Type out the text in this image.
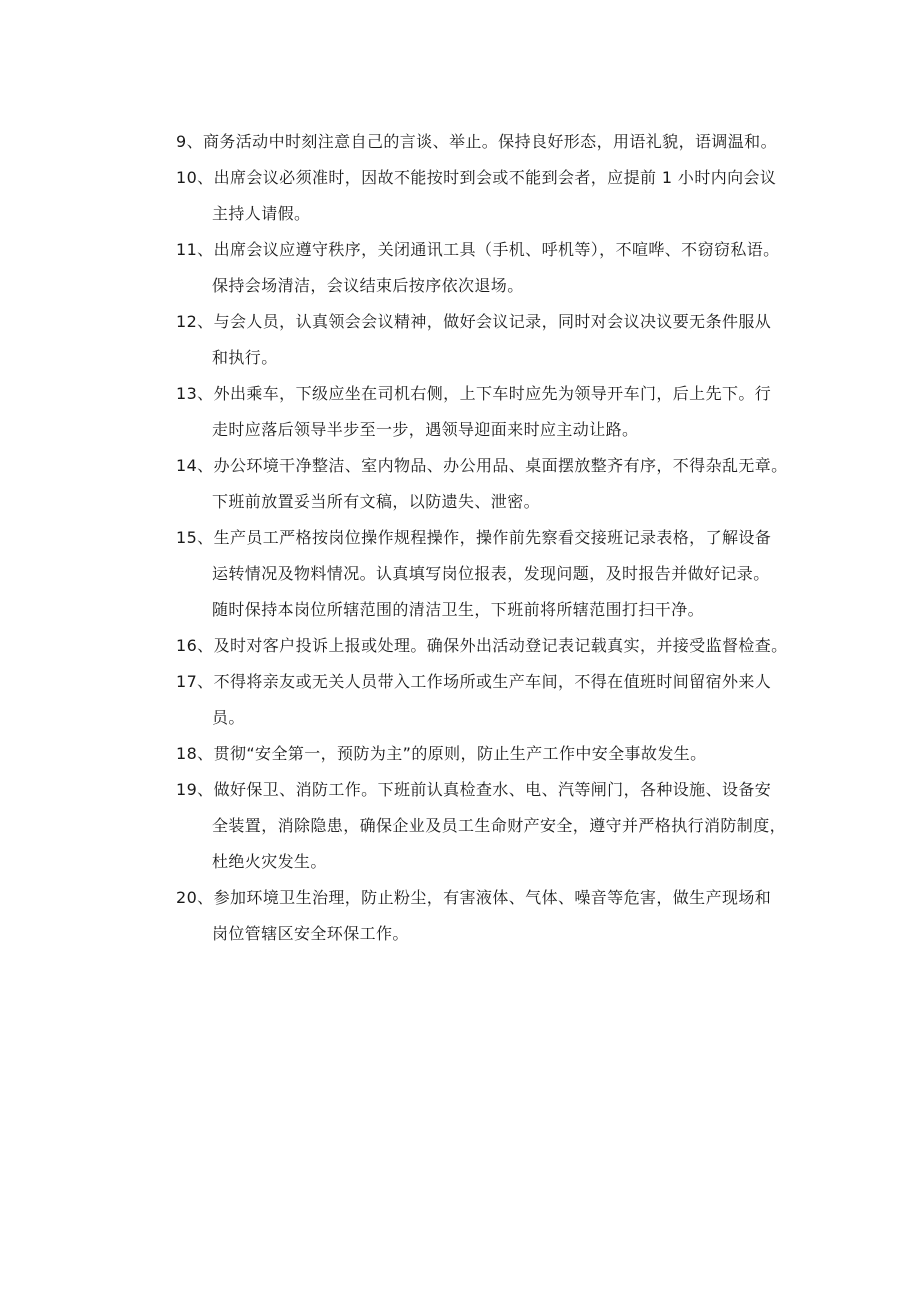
9、 商务活动中时刻注意自己的言谈、举止。保持良好形态，用语礼貌，语调温和。
10、 出席会议必须准时，因故不能按时到会或不能到会者，应提前 1 小时内向会议
主持人请假。
11、 出席会议应遵守秩序，关闭通讯工具（手机、呼机等），不喧哗、不窃窃私语。
保持会场清洁，会议结束后按序依次退场。
12、 与会人员，认真领会会议精神，做好会议记录，同时对会议决议要无条件服从
和执行。
13、 外出乘车，下级应坐在司机右侧，上下车时应先为领导开车门，后上先下。行
走时应落后领导半步至一步，遇领导迎面来时应主动让路。
14、 办公环境干净整洁、室内物品、办公用品、桌面摆放整齐有序，不得杂乱无章。
下班前放置妥当所有文稿，以防遗失、泄密。
15、 生产员工严格按岗位操作规程操作，操作前先察看交接班记录表格，了解设备
运转情况及物料情况。认真填写岗位报表，发现问题，及时报告并做好记录。
随时保持本岗位所辖范围的清洁卫生，下班前将所辖范围打扫干净。
16、 及时对客户投诉上报或处理。确保外出活动登记表记载真实，并接受监督检查。
17、 不得将亲友或无关人员带入工作场所或生产车间，不得在值班时间留宿外来人
员。
18、 贯彻“安全第一，预防为主”的原则，防止生产工作中安全事故发生。
19、 做好保卫、消防工作。下班前认真检查水、电、汽等闸门，各种设施、设备安
全装置，消除隐患，确保企业及员工生命财产安全，遵守并严格执行消防制度，
杜绝火灾发生。
20、 参加环境卫生治理，防止粉尘，有害液体、气体、噪音等危害，做生产现场和
岗位管辖区安全环保工作。
